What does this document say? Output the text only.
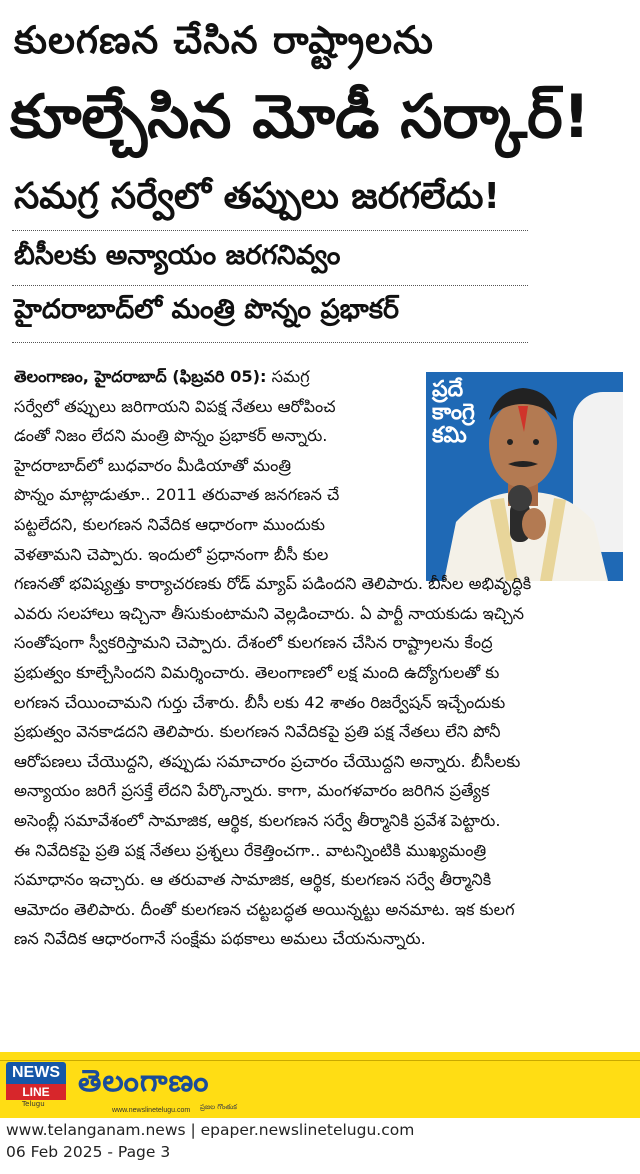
కులగణన చేసిన రాష్ట్రాలను
కూల్చేసిన మోడీ సర్కార్!
సమగ్ర సర్వేలో తప్పులు జరగలేదు!
బీసీలకు అన్యాయం జరగనివ్వం
హైదరాబాద్‌లో మంత్రి పొన్నం ప్రభాకర్
ప్రదే
కాంగ్రె
కమి
తెలంగాణం, హైదరాబాద్ (ఫిబ్రవరి 05): సమగ్ర
సర్వేలో తప్పులు జరిగాయని విపక్ష నేతలు ఆరోపించ
డంతో నిజం లేదని మంత్రి పొన్నం ప్రభాకర్ అన్నారు.
హైదరాబాద్‌లో బుధవారం మీడియాతో మంత్రి
పొన్నం మాట్లాడుతూ.. 2011 తరువాత జనగణన చే
పట్టలేదని, కులగణన నివేదిక ఆధారంగా ముందుకు
వెళతామని చెప్పారు. ఇందులో ప్రధానంగా బీసీ కుల
గణనతో భవిష్యత్తు కార్యాచరణకు రోడ్ మ్యాప్ పడిందని తెలిపారు. బీసీల అభివృద్ధికి
ఎవరు సలహాలు ఇచ్చినా తీసుకుంటామని వెల్లడించారు. ఏ పార్టీ నాయకుడు ఇచ్చిన
సంతోషంగా స్వీకరిస్తామని చెప్పారు. దేశంలో కులగణన చేసిన రాష్ట్రాలను కేంద్ర
ప్రభుత్వం కూల్చేసిందని విమర్శించారు. తెలంగాణలో లక్ష మంది ఉద్యోగులతో కు
లగణన చేయించామని గుర్తు చేశారు. బీసీ లకు 42 శాతం రిజర్వేషన్ ఇచ్చేందుకు
ప్రభుత్వం వెనకాడదని తెలిపారు. కులగణన నివేదికపై ప్రతి పక్ష నేతలు లేని పోనీ
ఆరోపణలు చేయొద్దని, తప్పుడు సమాచారం ప్రచారం చేయొద్దని అన్నారు. బీసీలకు
అన్యాయం జరిగే ప్రసక్తే లేదని పేర్కొన్నారు. కాగా, మంగళవారం జరిగిన ప్రత్యేక
అసెంబ్లీ సమావేశంలో సామాజిక, ఆర్థిక, కులగణన సర్వే తీర్మానికి ప్రవేశ పెట్టారు.
ఈ నివేదికపై ప్రతి పక్ష నేతలు ప్రశ్నలు రేకెత్తించగా.. వాటన్నింటికి ముఖ్యమంత్రి
సమాధానం ఇచ్చారు. ఆ తరువాత సామాజిక, ఆర్థిక, కులగణన సర్వే తీర్మానికి
ఆమోదం తెలిపారు. దీంతో కులగణన చట్టబద్ధత అయిన్నట్టు అనమాట. ఇక కులగ
ణన నివేదిక ఆధారంగానే సంక్షేమ పథకాలు అమలు చేయనున్నారు.
NEWS
LINE
Telugu
తెలంగాణం
www.newslinetelugu.com ప్రజల గొంతుక
www.telanganam.news | epaper.newslinetelugu.com
06 Feb 2025 - Page 3
